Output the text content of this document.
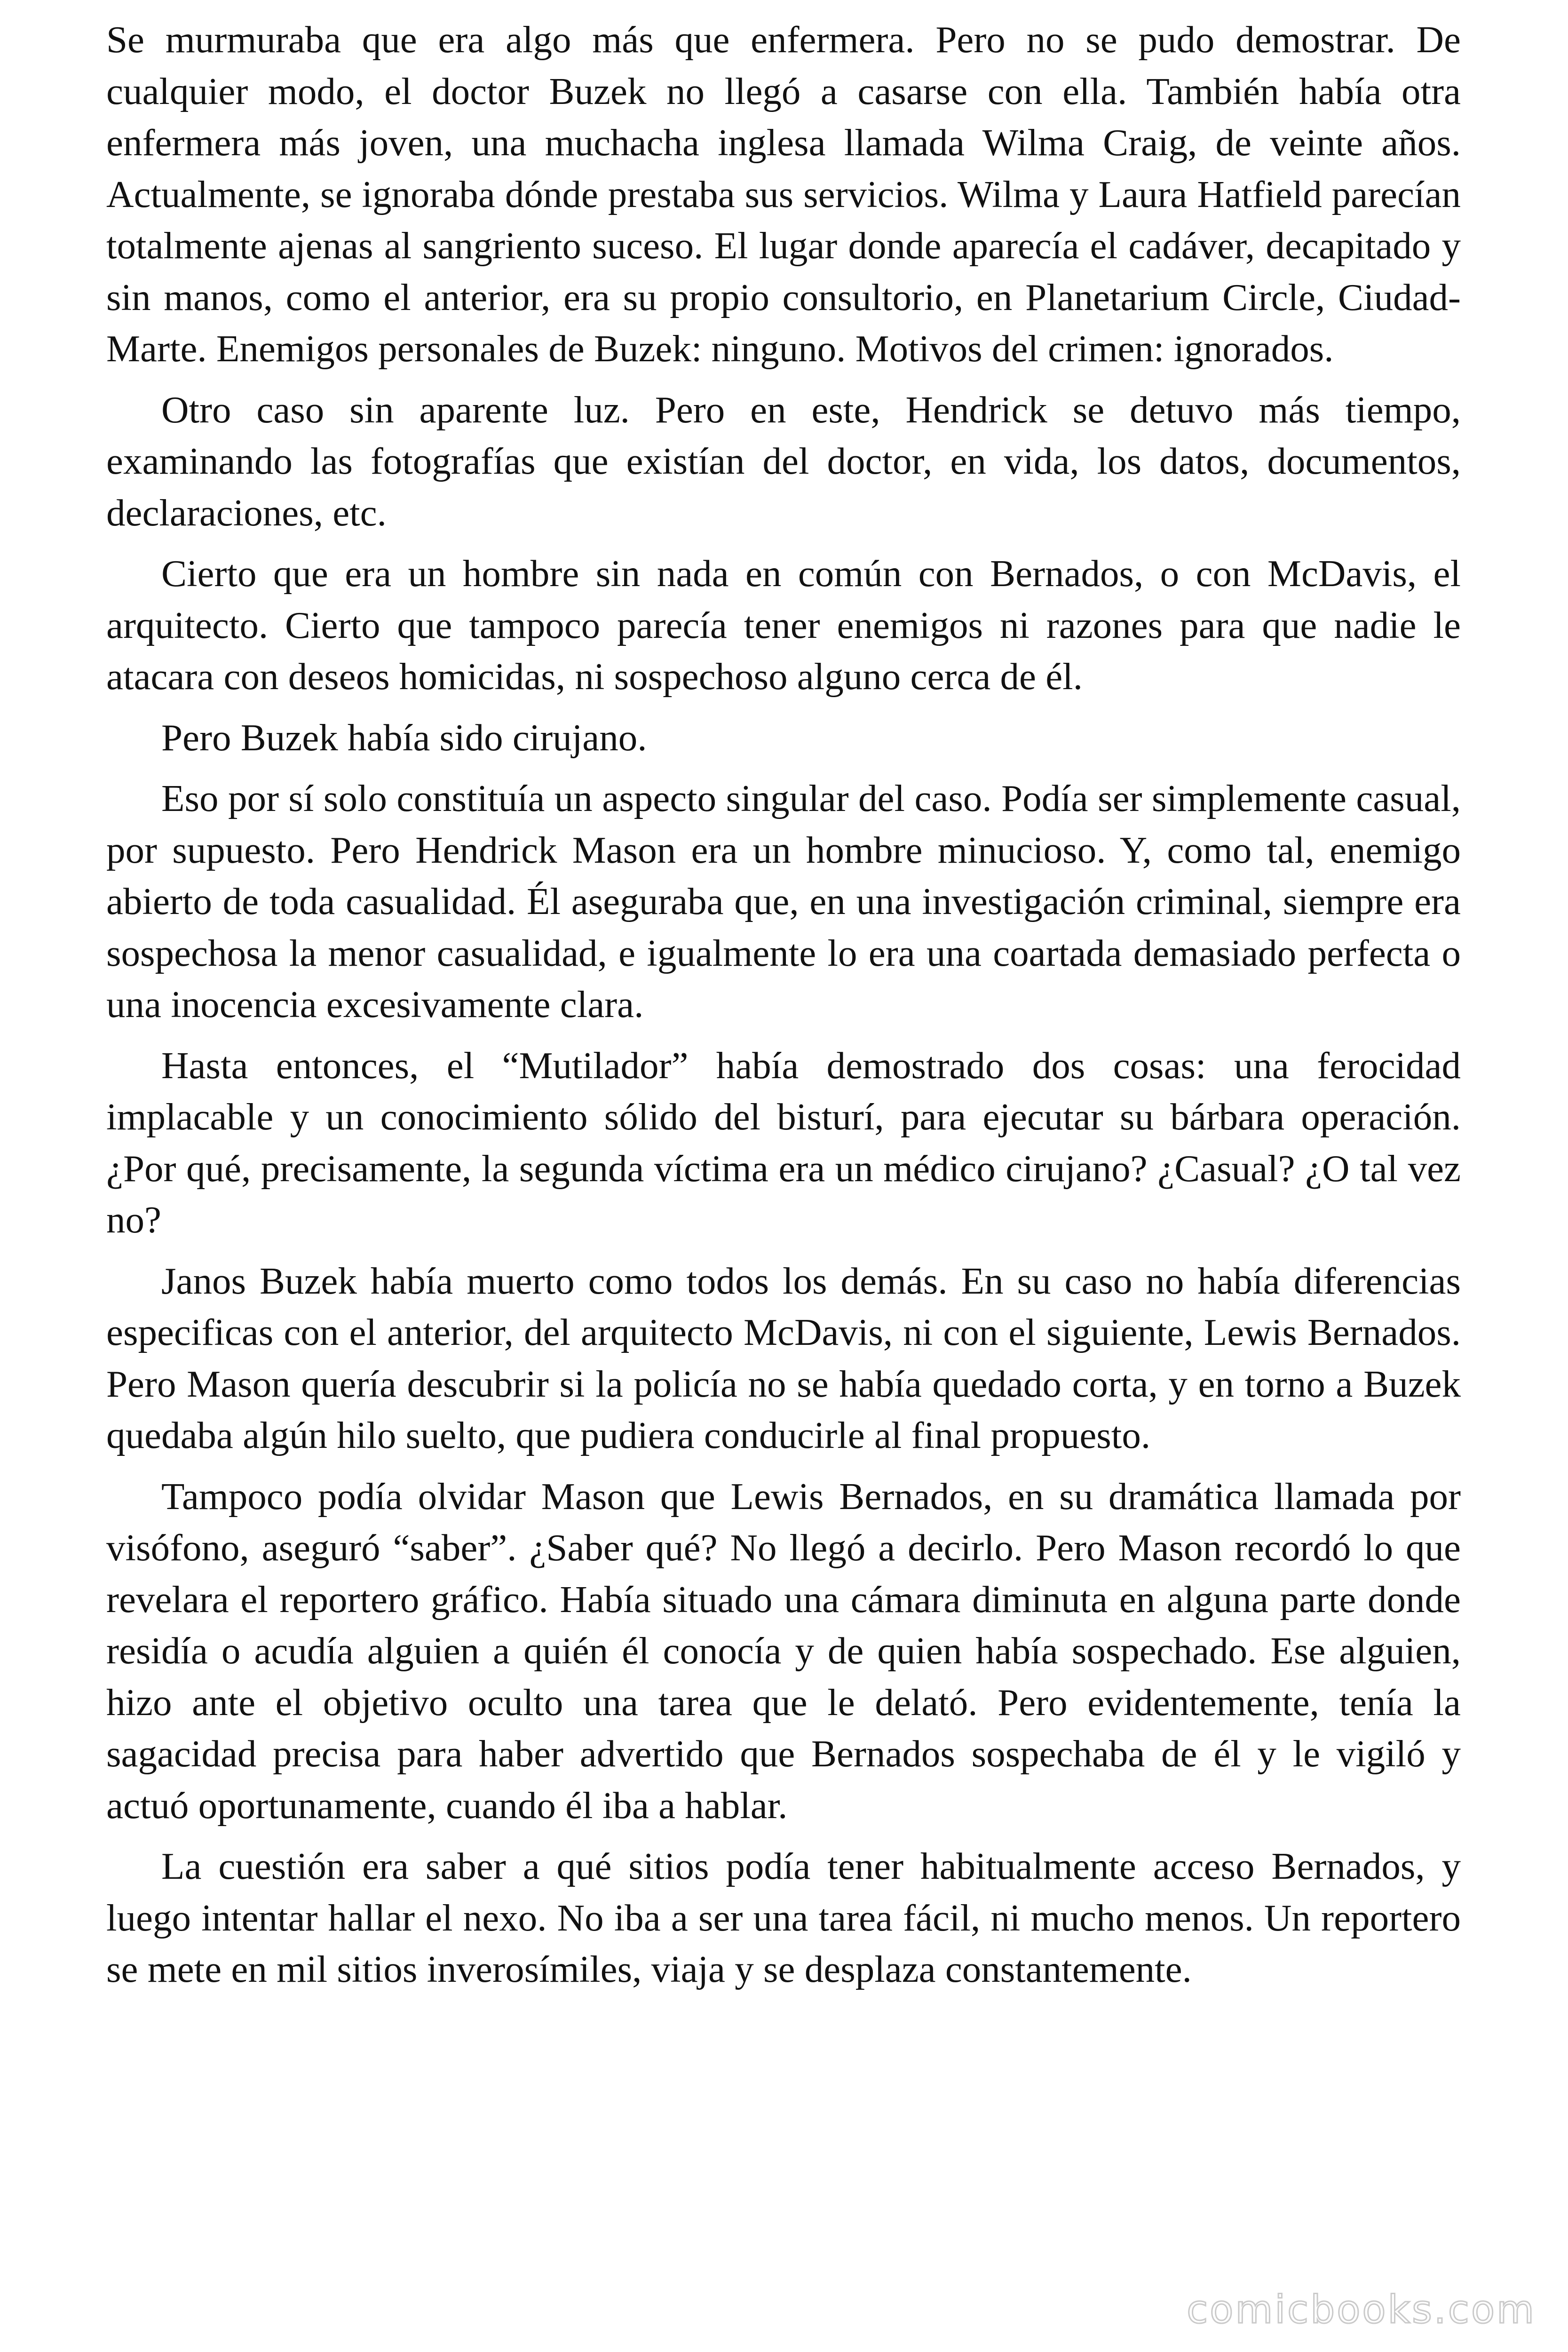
Se murmuraba que era algo más que enfermera. Pero no se pudo demostrar. De cualquier modo, el doctor Buzek no llegó a casarse con ella. También había otra enfermera más joven, una muchacha inglesa llamada Wilma Craig, de veinte años. Actualmente, se ignoraba dónde prestaba sus servicios. Wilma y Laura Hatfield parecían totalmente ajenas al sangriento suceso. El lugar donde aparecía el cadáver, decapitado y sin manos, como el anterior, era su propio consultorio, en Planetarium Circle, Ciudad-Marte. Enemigos personales de Buzek: ninguno. Motivos del crimen: ignorados.

Otro caso sin aparente luz. Pero en este, Hendrick se detuvo más tiempo, examinando las fotografías que existían del doctor, en vida, los datos, documentos, declaraciones, etc.

Cierto que era un hombre sin nada en común con Bernados, o con McDavis, el arquitecto. Cierto que tampoco parecía tener enemigos ni razones para que nadie le atacara con deseos homicidas, ni sospechoso alguno cerca de él.

Pero Buzek había sido cirujano.

Eso por sí solo constituía un aspecto singular del caso. Podía ser simplemente casual, por supuesto. Pero Hendrick Mason era un hombre minucioso. Y, como tal, enemigo abierto de toda casualidad. Él aseguraba que, en una investigación criminal, siempre era sospechosa la menor casualidad, e igualmente lo era una coartada demasiado perfecta o una inocencia excesivamente clara.

Hasta entonces, el “Mutilador” había demostrado dos cosas: una ferocidad implacable y un conocimiento sólido del bisturí, para ejecutar su bárbara operación. ¿Por qué, precisamente, la segunda víctima era un médico cirujano? ¿Casual? ¿O tal vez no?

Janos Buzek había muerto como todos los demás. En su caso no había diferencias especificas con el anterior, del arquitecto McDavis, ni con el siguiente, Lewis Bernados. Pero Mason quería descubrir si la policía no se había quedado corta, y en torno a Buzek quedaba algún hilo suelto, que pudiera conducirle al final propuesto.

Tampoco podía olvidar Mason que Lewis Bernados, en su dramática llamada por visófono, aseguró “saber”. ¿Saber qué? No llegó a decirlo. Pero Mason recordó lo que revelara el reportero gráfico. Había situado una cámara diminuta en alguna parte donde residía o acudía alguien a quién él conocía y de quien había sospechado. Ese alguien, hizo ante el objetivo oculto una tarea que le delató. Pero evidentemente, tenía la sagacidad precisa para haber advertido que Bernados sospechaba de él y le vigiló y actuó oportunamente, cuando él iba a hablar.

La cuestión era saber a qué sitios podía tener habitualmente acceso Bernados, y luego intentar hallar el nexo. No iba a ser una tarea fácil, ni mucho menos. Un reportero se mete en mil sitios inverosímiles, viaja y se desplaza constantemente.

comicbooks.com
